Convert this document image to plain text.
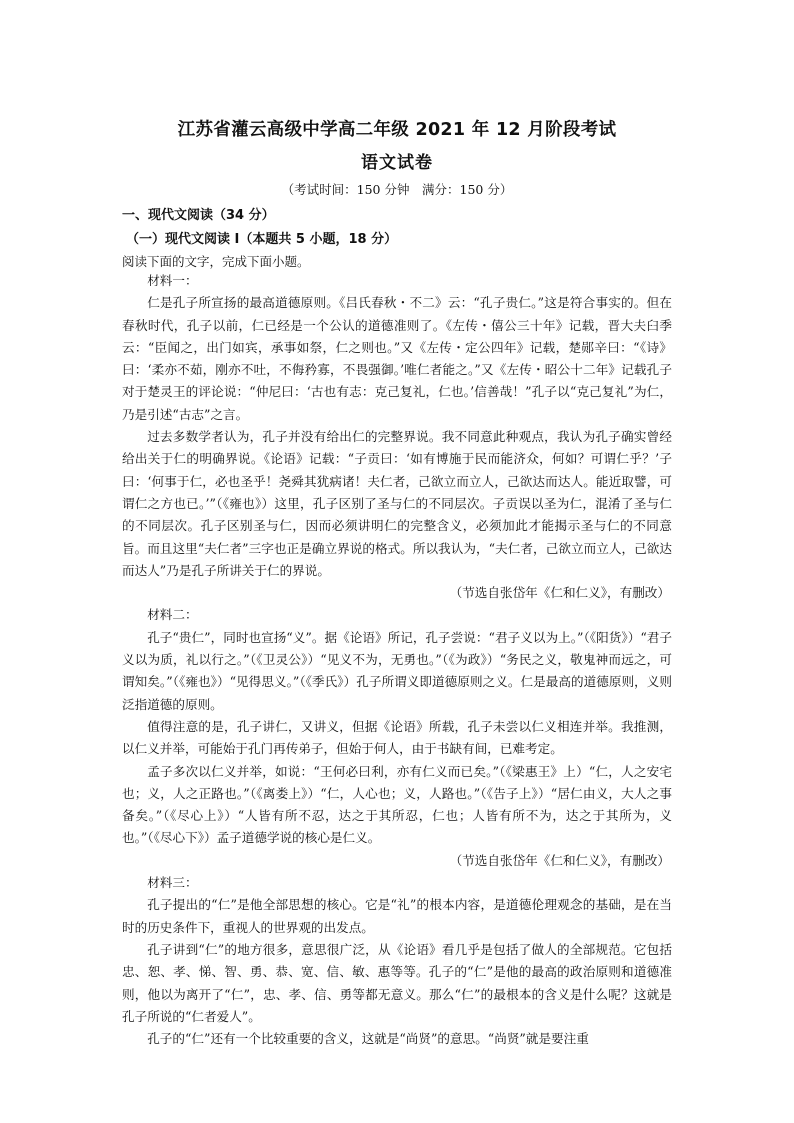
江苏省灌云高级中学高二年级 2021 年 12 月阶段考试
语文试卷
（考试时间：150 分钟　满分：150 分）
一、现代文阅读（34 分）
（一）现代文阅读 I（本题共 5 小题，18 分）
阅读下面的文字，完成下面小题。

材料一：

仁是孔子所宣扬的最高道德原则。《吕氏春秋・不二》云：“孔子贵仁。”这是符合事实的。但在春秋时代，孔子以前，仁已经是一个公认的道德准则了。《左传・僖公三十年》记载，晋大夫臼季云：“臣闻之，出门如宾，承事如祭，仁之则也。”又《左传・定公四年》记载，楚郧辛曰：“《诗》曰：‘柔亦不茹，刚亦不吐，不侮矜寡，不畏强御。’唯仁者能之。”又《左传・昭公十二年》记载孔子对于楚灵王的评论说：“仲尼曰：‘古也有志：克己复礼，仁也。’信善哉！”孔子以“克己复礼”为仁，乃是引述“古志”之言。

过去多数学者认为，孔子并没有给出仁的完整界说。我不同意此种观点，我认为孔子确实曾经给出关于仁的明确界说。《论语》记载：“子贡曰：‘如有博施于民而能济众，何如？可谓仁乎？’子曰：‘何事于仁，必也圣乎！尧舜其犹病诸！夫仁者，己欲立而立人，己欲达而达人。能近取譬，可谓仁之方也已。’”（《雍也》）这里，孔子区别了圣与仁的不同层次。子贡误以圣为仁，混淆了圣与仁的不同层次。孔子区别圣与仁，因而必须讲明仁的完整含义，必须加此才能揭示圣与仁的不同意旨。而且这里“夫仁者”三字也正是确立界说的格式。所以我认为，“夫仁者，己欲立而立人，己欲达而达人”乃是孔子所讲关于仁的界说。

（节选自张岱年《仁和仁义》，有删改）

材料二：

孔子“贵仁”，同时也宣扬“义”。据《论语》所记，孔子尝说：“君子义以为上。”（《阳货》）“君子义以为质，礼以行之。”（《卫灵公》）“见义不为，无勇也。”（《为政》）“务民之义，敬鬼神而远之，可谓知矣。”（《雍也》）“见得思义。”（《季氏》）孔子所谓义即道德原则之义。仁是最高的道德原则，义则泛指道德的原则。

值得注意的是，孔子讲仁，又讲义，但据《论语》所载，孔子未尝以仁义相连并举。我推测，以仁义并举，可能始于孔门再传弟子，但始于何人，由于书缺有间，已难考定。

孟子多次以仁义并举，如说：“王何必曰利，亦有仁义而已矣。”（《梁惠王》上）“仁，人之安宅也；义，人之正路也。”（《离娄上》）“仁，人心也；义，人路也。”（《告子上》）“居仁由义，大人之事备矣。”（《尽心上》）“人皆有所不忍，达之于其所忍，仁也；人皆有所不为，达之于其所为，义也。”（《尽心下》）孟子道德学说的核心是仁义。

（节选自张岱年《仁和仁义》，有删改）

材料三：

孔子提出的“仁”是他全部思想的核心。它是“礼”的根本内容，是道德伦理观念的基础，是在当时的历史条件下，重视人的世界观的出发点。

孔子讲到“仁”的地方很多，意思很广泛，从《论语》看几乎是包括了做人的全部规范。它包括忠、恕、孝、悌、智、勇、恭、宽、信、敏、惠等等。孔子的“仁”是他的最高的政治原则和道德准则，他以为离开了“仁”，忠、孝、信、勇等都无意义。那么“仁”的最根本的含义是什么呢？这就是孔子所说的“仁者爱人”。

孔子的“仁”还有一个比较重要的含义，这就是“尚贤”的意思。“尚贤”就是要注重
